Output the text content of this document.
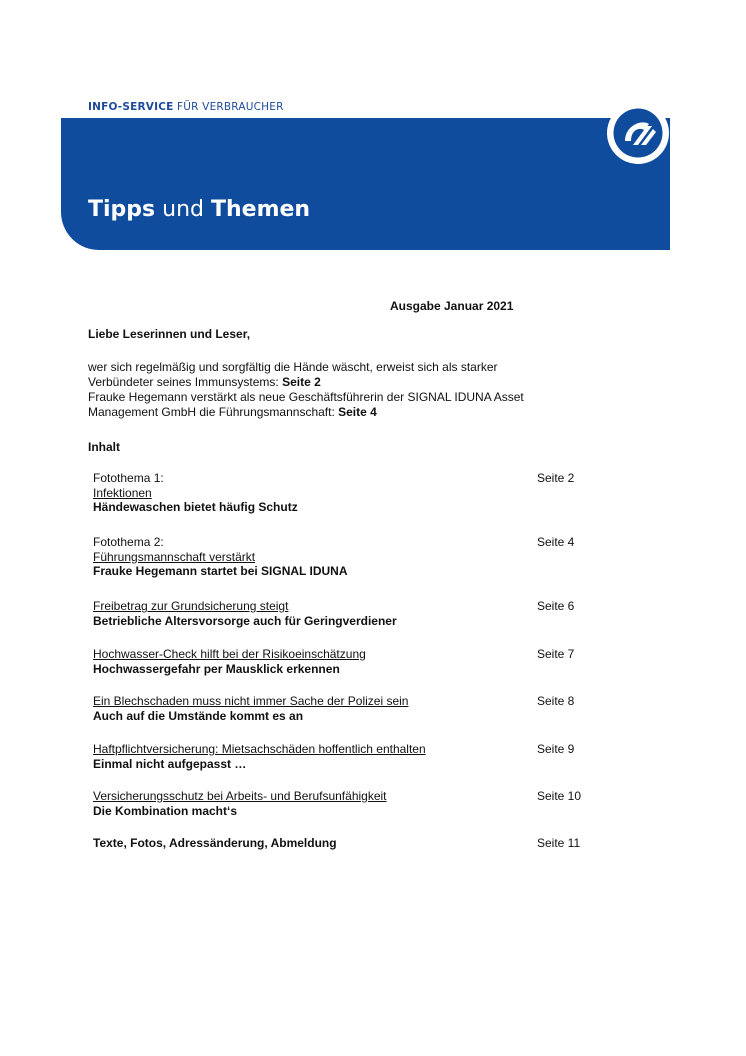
INFO-SERVICE FÜR VERBRAUCHER
Tipps und Themen
Ausgabe Januar 2021
Liebe Leserinnen und Leser,
wer sich regelmäßig und sorgfältig die Hände wäscht, erweist sich als starker
Verbündeter seines Immunsystems: Seite 2
Frauke Hegemann verstärkt als neue Geschäftsführerin der SIGNAL IDUNA Asset
Management GmbH die Führungsmannschaft: Seite 4
Inhalt
Fotothema 1:
Infektionen
Händewaschen bietet häufig Schutz
Seite 2
Fotothema 2:
Führungsmannschaft verstärkt
Frauke Hegemann startet bei SIGNAL IDUNA
Seite 4
Freibetrag zur Grundsicherung steigt
Betriebliche Altersvorsorge auch für Geringverdiener
Seite 6
Hochwasser-Check hilft bei der Risikoeinschätzung
Hochwassergefahr per Mausklick erkennen
Seite 7
Ein Blechschaden muss nicht immer Sache der Polizei sein
Auch auf die Umstände kommt es an
Seite 8
Haftpflichtversicherung: Mietsachschäden hoffentlich enthalten
Einmal nicht aufgepasst …
Seite 9
Versicherungsschutz bei Arbeits- und Berufsunfähigkeit
Die Kombination macht‘s
Seite 10
Texte, Fotos, Adressänderung, Abmeldung	Seite 11
